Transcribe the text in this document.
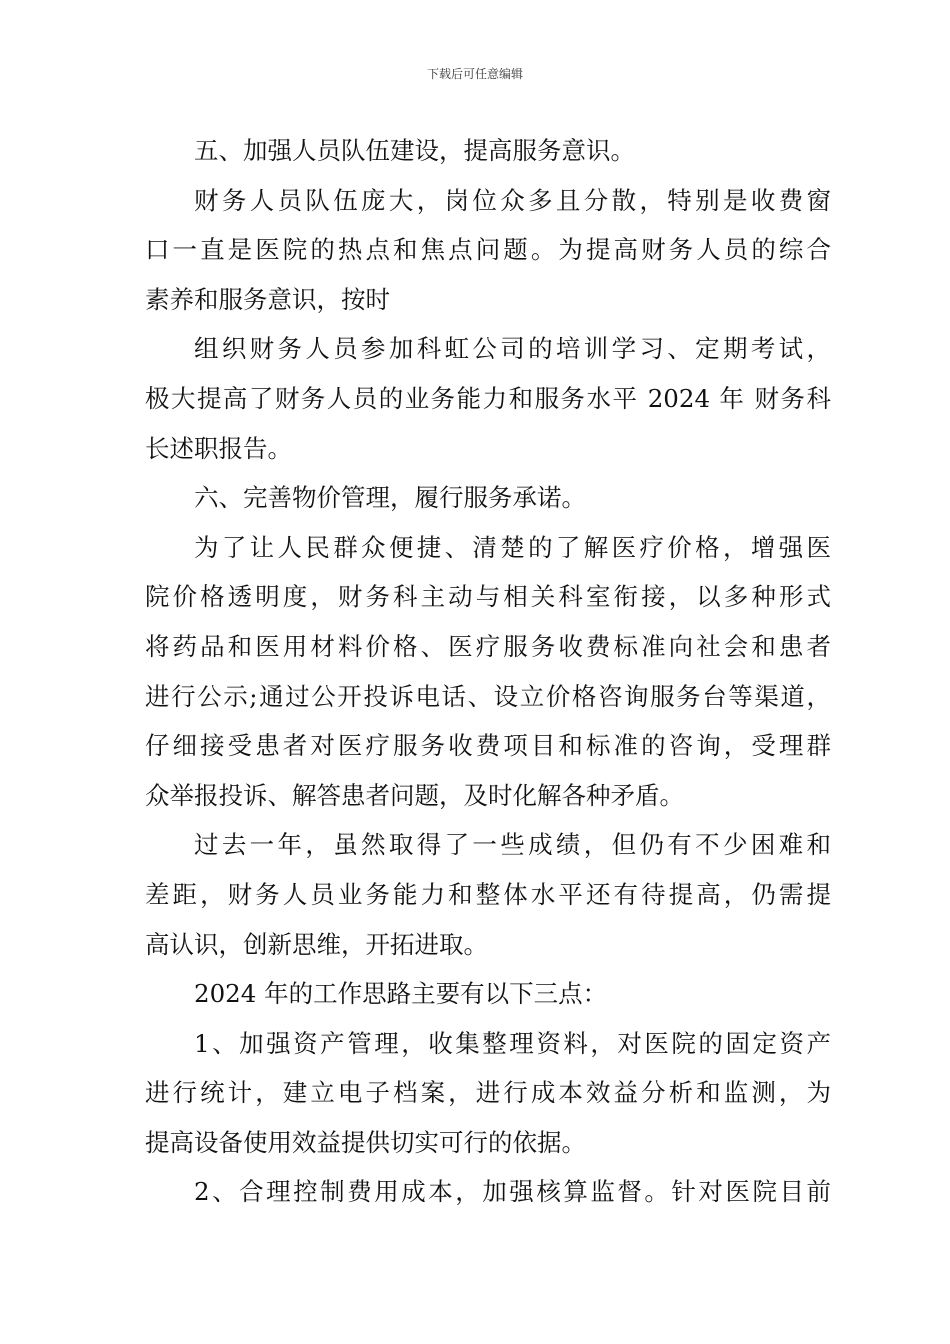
下载后可任意编辑

五、加强人员队伍建设，提高服务意识。

财务人员队伍庞大，岗位众多且分散，特别是收费窗
口一直是医院的热点和焦点问题。为提高财务人员的综合
素养和服务意识，按时

组织财务人员参加科虹公司的培训学习、定期考试，
极大提高了财务人员的业务能力和服务水平 2024 年 财务科
长述职报告。

六、完善物价管理，履行服务承诺。

为了让人民群众便捷、清楚的了解医疗价格，增强医
院价格透明度，财务科主动与相关科室衔接，以多种形式
将药品和医用材料价格、医疗服务收费标准向社会和患者
进行公示;通过公开投诉电话、设立价格咨询服务台等渠道，
仔细接受患者对医疗服务收费项目和标准的咨询，受理群
众举报投诉、解答患者问题，及时化解各种矛盾。

过去一年，虽然取得了一些成绩，但仍有不少困难和
差距，财务人员业务能力和整体水平还有待提高，仍需提
高认识，创新思维，开拓进取。

2024 年的工作思路主要有以下三点：

1、加强资产管理，收集整理资料，对医院的固定资产
进行统计，建立电子档案，进行成本效益分析和监测，为
提高设备使用效益提供切实可行的依据。

2、合理控制费用成本，加强核算监督。针对医院目前
